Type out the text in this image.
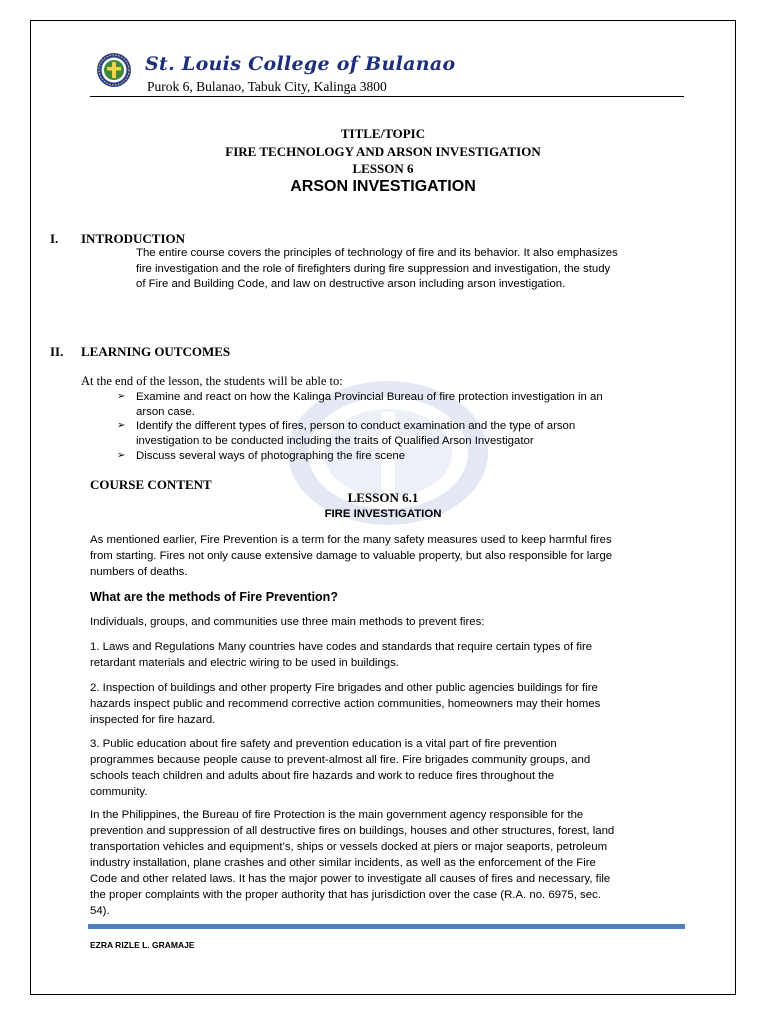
St. Louis College of Bulanao
Purok 6, Bulanao, Tabuk City, Kalinga 3800
TITLE/TOPIC
FIRE TECHNOLOGY AND ARSON INVESTIGATION
LESSON 6
ARSON INVESTIGATION
I. INTRODUCTION
The entire course covers the principles of technology of fire and its behavior. It also emphasizes
fire investigation and the role of firefighters during fire suppression and investigation, the study
of Fire and Building Code, and law on destructive arson including arson investigation.
II. LEARNING OUTCOMES
At the end of the lesson, the students will be able to:
➢ Examine and react on how the Kalinga Provincial Bureau of fire protection investigation in an
arson case.
➢ Identify the different types of fires, person to conduct examination and the type of arson
investigation to be conducted including the traits of Qualified Arson Investigator
➢ Discuss several ways of photographing the fire scene
COURSE CONTENT
LESSON 6.1
FIRE INVESTIGATION
As mentioned earlier, Fire Prevention is a term for the many safety measures used to keep harmful fires
from starting. Fires not only cause extensive damage to valuable property, but also responsible for large
numbers of deaths.
What are the methods of Fire Prevention?
Individuals, groups, and communities use three main methods to prevent fires:
1. Laws and Regulations Many countries have codes and standards that require certain types of fire
retardant materials and electric wiring to be used in buildings.
2. Inspection of buildings and other property Fire brigades and other public agencies buildings for fire
hazards inspect public and recommend corrective action communities, homeowners may their homes
inspected for fire hazard.
3. Public education about fire safety and prevention education is a vital part of fire prevention
programmes because people cause to prevent-almost all fire. Fire brigades community groups, and
schools teach children and adults about fire hazards and work to reduce fires throughout the
community.
In the Philippines, the Bureau of fire Protection is the main government agency responsible for the
prevention and suppression of all destructive fires on buildings, houses and other structures, forest, land
transportation vehicles and equipment’s, ships or vessels docked at piers or major seaports, petroleum
industry installation, plane crashes and other similar incidents, as well as the enforcement of the Fire
Code and other related laws. It has the major power to investigate all causes of fires and necessary, file
the proper complaints with the proper authority that has jurisdiction over the case (R.A. no. 6975, sec.
54).
EZRA RIZLE L. GRAMAJE
